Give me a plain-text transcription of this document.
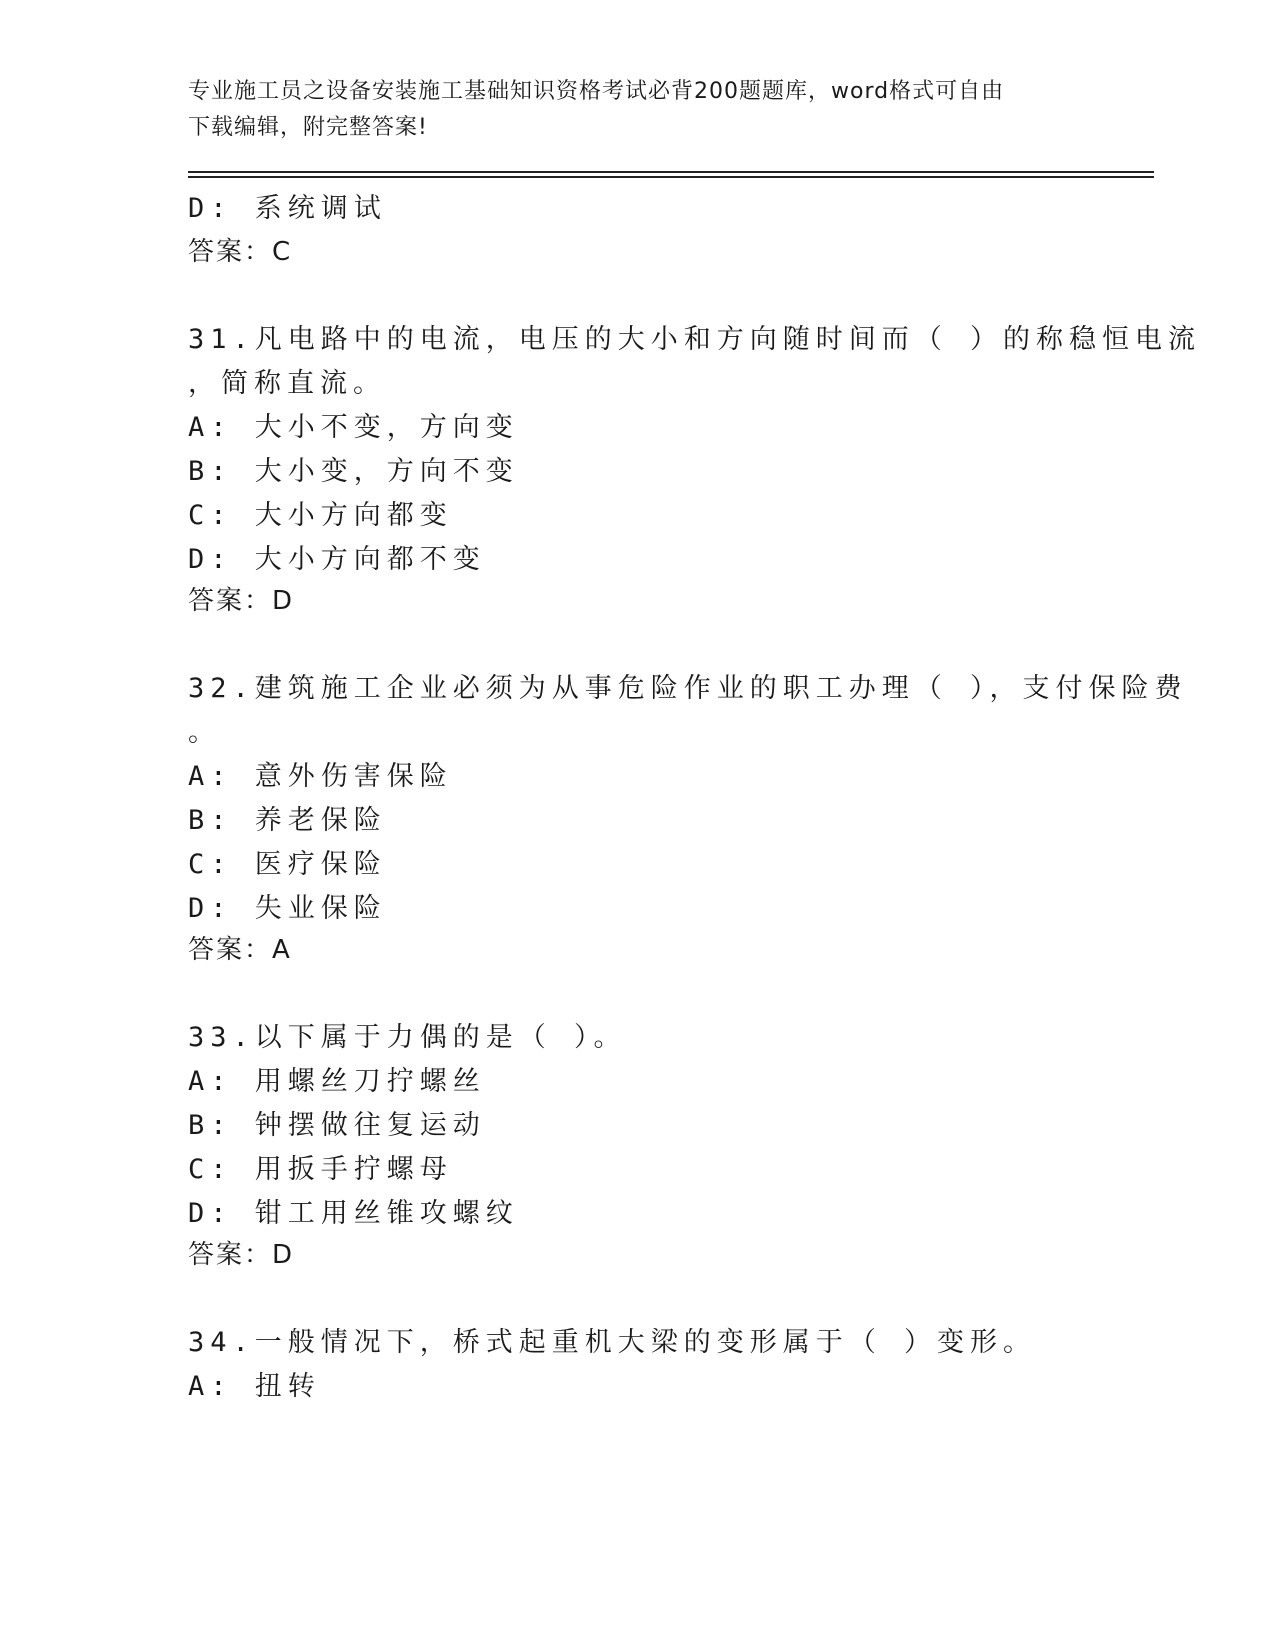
专业施工员之设备安装施工基础知识资格考试必背200题题库，word格式可自由
下载编辑，附完整答案!
D: 系统调试
答案：C
31.凡电路中的电流，电压的大小和方向随时间而（ ）的称稳恒电流
，简称直流。
A: 大小不变，方向变
B: 大小变，方向不变
C: 大小方向都变
D: 大小方向都不变
答案：D
32.建筑施工企业必须为从事危险作业的职工办理（ ），支付保险费
。
A: 意外伤害保险
B: 养老保险
C: 医疗保险
D: 失业保险
答案：A
33.以下属于力偶的是（ ）。
A: 用螺丝刀拧螺丝
B: 钟摆做往复运动
C: 用扳手拧螺母
D: 钳工用丝锥攻螺纹
答案：D
34.一般情况下，桥式起重机大梁的变形属于（ ）变形。
A: 扭转
